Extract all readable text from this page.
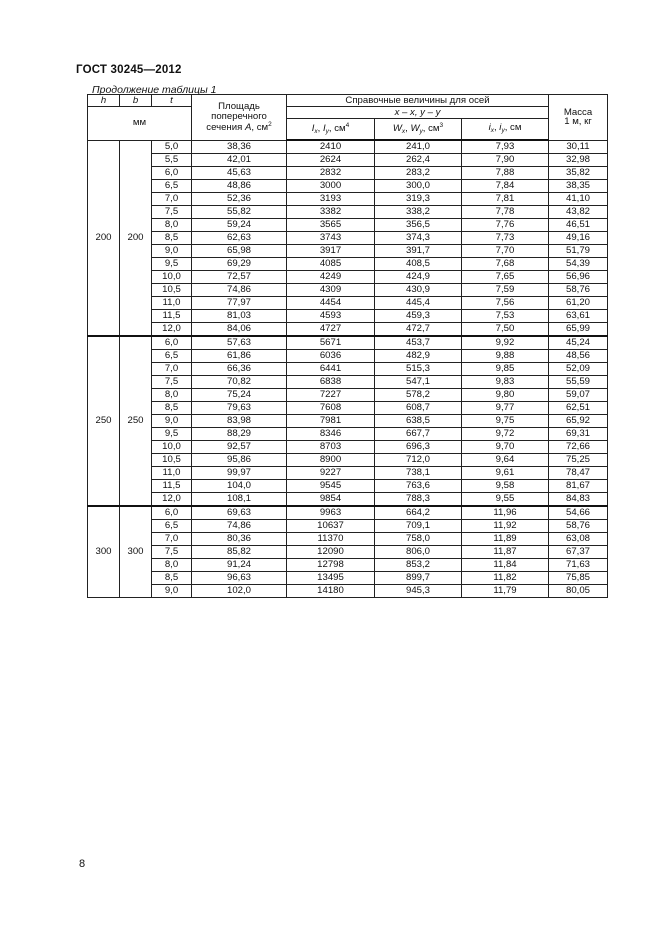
ГОСТ 30245—2012
Продолжение таблицы 1
h	b	t	Площадь
поперечного
сечения A, $см^2$	Справочные величины для осей			Масса
1 м, кг
мм				x – x, y – y			
				$I_x$, $I_y$, $см^4$	$W_x$, $W_y$, $см^3$	$i_x$, $i_y$, см	
200	200	5,0	38,36	2410	241,0	7,93	30,11
		5,5	42,01	2624	262,4	7,90	32,98
		6,0	45,63	2832	283,2	7,88	35,82
		6,5	48,86	3000	300,0	7,84	38,35
		7,0	52,36	3193	319,3	7,81	41,10
		7,5	55,82	3382	338,2	7,78	43,82
		8,0	59,24	3565	356,5	7,76	46,51
		8,5	62,63	3743	374,3	7,73	49,16
		9,0	65,98	3917	391,7	7,70	51,79
		9,5	69,29	4085	408,5	7,68	54,39
		10,0	72,57	4249	424,9	7,65	56,96
		10,5	74,86	4309	430,9	7,59	58,76
		11,0	77,97	4454	445,4	7,56	61,20
		11,5	81,03	4593	459,3	7,53	63,61
		12,0	84,06	4727	472,7	7,50	65,99
250	250	6,0	57,63	5671	453,7	9,92	45,24
		6,5	61,86	6036	482,9	9,88	48,56
		7,0	66,36	6441	515,3	9,85	52,09
		7,5	70,82	6838	547,1	9,83	55,59
		8,0	75,24	7227	578,2	9,80	59,07
		8,5	79,63	7608	608,7	9,77	62,51
		9,0	83,98	7981	638,5	9,75	65,92
		9,5	88,29	8346	667,7	9,72	69,31
		10,0	92,57	8703	696,3	9,70	72,66
		10,5	95,86	8900	712,0	9,64	75,25
		11,0	99,97	9227	738,1	9,61	78,47
		11,5	104,0	9545	763,6	9,58	81,67
		12,0	108,1	9854	788,3	9,55	84,83
300	300	6,0	69,63	9963	664,2	11,96	54,66
		6,5	74,86	10637	709,1	11,92	58,76
		7,0	80,36	11370	758,0	11,89	63,08
		7,5	85,82	12090	806,0	11,87	67,37
		8,0	91,24	12798	853,2	11,84	71,63
		8,5	96,63	13495	899,7	11,82	75,85
		9,0	102,0	14180	945,3	11,79	80,05
8
